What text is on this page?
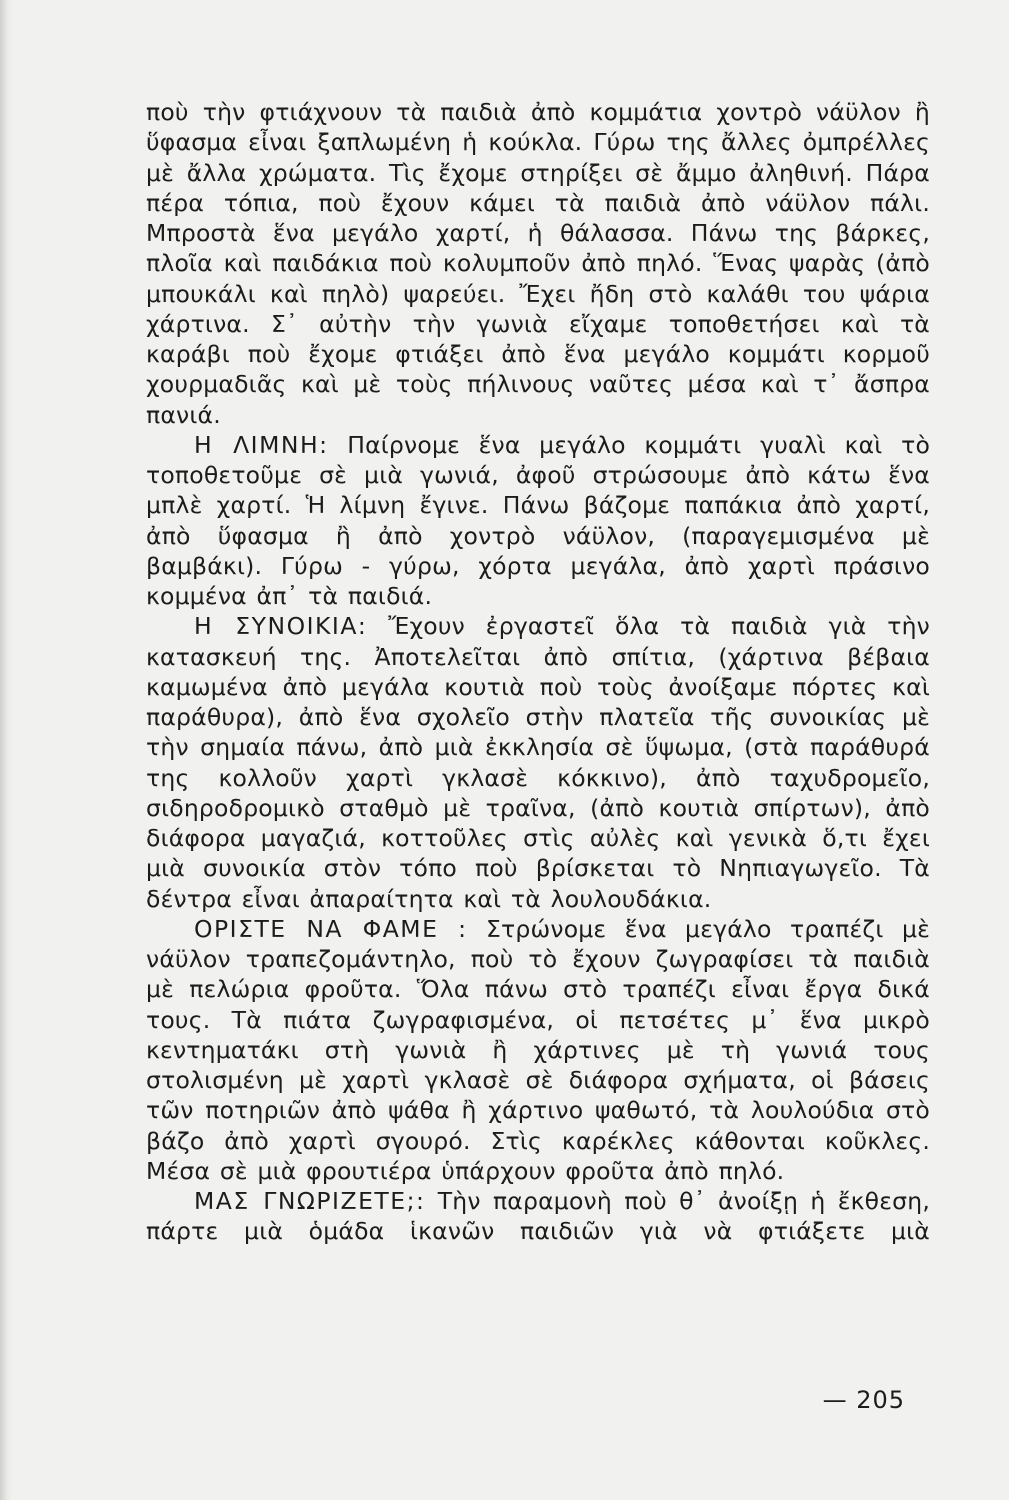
ποὺ τὴν φτιάχνουν τὰ παιδιὰ ἀπὸ κομμάτια χοντρὸ νάϋλον ἢ ὕφασμα εἶναι ξαπλωμένη ἡ κούκλα. Γύρω της ἄλλες ὀμπρέλλες μὲ ἄλλα χρώματα. Τὶς ἔχομε στηρίξει σὲ ἄμμο ἀληθινή. Πάρα πέρα τόπια, ποὺ ἔχουν κάμει τὰ παιδιὰ ἀπὸ νάϋλον πάλι. Μπροστὰ ἕνα μεγάλο χαρτί, ἡ θάλασσα. Πάνω της βάρκες, πλοῖα καὶ παιδάκια ποὺ κολυμποῦν ἀπὸ πηλό. Ἕνας ψαρὰς (ἀπὸ μπουκάλι καὶ πηλὸ) ψαρεύει. Ἔχει ἤδη στὸ καλάθι του ψάρια χάρτινα. Σ᾽ αὐτὴν τὴν γωνιὰ εἴχαμε τοποθετήσει καὶ τὰ καράβι ποὺ ἔχομε φτιάξει ἀπὸ ἕνα μεγάλο κομμάτι κορμοῦ χουρμαδιᾶς καὶ μὲ τοὺς πήλινους ναῦτες μέσα καὶ τ᾽ ἄσπρα πανιά.

Η ΛΙΜΝΗ: Παίρνομε ἕνα μεγάλο κομμάτι γυαλὶ καὶ τὸ τοποθετοῦμε σὲ μιὰ γωνιά, ἀφοῦ στρώσουμε ἀπὸ κάτω ἕνα μπλὲ χαρτί. Ἡ λίμνη ἔγινε. Πάνω βάζομε παπάκια ἀπὸ χαρτί, ἀπὸ ὕφασμα ἢ ἀπὸ χοντρὸ νάϋλον, (παραγεμισμένα μὲ βαμβάκι). Γύρω - γύρω, χόρτα μεγάλα, ἀπὸ χαρτὶ πράσινο κομμένα ἀπ᾽ τὰ παιδιά.

Η ΣΥΝΟΙΚΙΑ: Ἔχουν ἐργαστεῖ ὅλα τὰ παιδιὰ γιὰ τὴν κατασκευή της. Ἀποτελεῖται ἀπὸ σπίτια, (χάρτινα βέβαια καμωμένα ἀπὸ μεγάλα κουτιὰ ποὺ τοὺς ἀνοίξαμε πόρτες καὶ παράθυρα), ἀπὸ ἕνα σχολεῖο στὴν πλατεῖα τῆς συνοικίας μὲ τὴν σημαία πάνω, ἀπὸ μιὰ ἐκκλησία σὲ ὕψωμα, (στὰ παράθυρά της κολλοῦν χαρτὶ γκλασὲ κόκκινο), ἀπὸ ταχυδρομεῖο, σιδηροδρομικὸ σταθμὸ μὲ τραῖνα, (ἀπὸ κουτιὰ σπίρτων), ἀπὸ διάφορα μαγαζιά, κοττοῦλες στὶς αὐλὲς καὶ γενικὰ ὅ,τι ἔχει μιὰ συνοικία στὸν τόπο ποὺ βρίσκεται τὸ Νηπιαγωγεῖο. Τὰ δέντρα εἶναι ἀπαραίτητα καὶ τὰ λουλουδάκια.

ΟΡΙΣΤΕ ΝΑ ΦΑΜΕ : Στρώνομε ἕνα μεγάλο τραπέζι μὲ νάϋλον τραπεζομάντηλο, ποὺ τὸ ἔχουν ζωγραφίσει τὰ παιδιὰ μὲ πελώρια φροῦτα. Ὅλα πάνω στὸ τραπέζι εἶναι ἔργα δικά τους. Τὰ πιάτα ζωγραφισμένα, οἱ πετσέτες μ᾽ ἕνα μικρὸ κεντηματάκι στὴ γωνιὰ ἢ χάρτινες μὲ τὴ γωνιά τους στολισμένη μὲ χαρτὶ γκλασὲ σὲ διάφορα σχήματα, οἱ βάσεις τῶν ποτηριῶν ἀπὸ ψάθα ἢ χάρτινο ψαθωτό, τὰ λουλούδια στὸ βάζο ἀπὸ χαρτὶ σγουρό. Στὶς καρέκλες κάθονται κοῦκλες. Μέσα σὲ μιὰ φρουτιέρα ὑπάρχουν φροῦτα ἀπὸ πηλό.

ΜΑΣ ΓΝΩΡΙΖΕΤΕ;: Τὴν παραμονὴ ποὺ θ᾽ ἀνοίξῃ ἡ ἔκθεση, πάρτε μιὰ ὁμάδα ἱκανῶν παιδιῶν γιὰ νὰ φτιάξετε μιὰ

— 205
